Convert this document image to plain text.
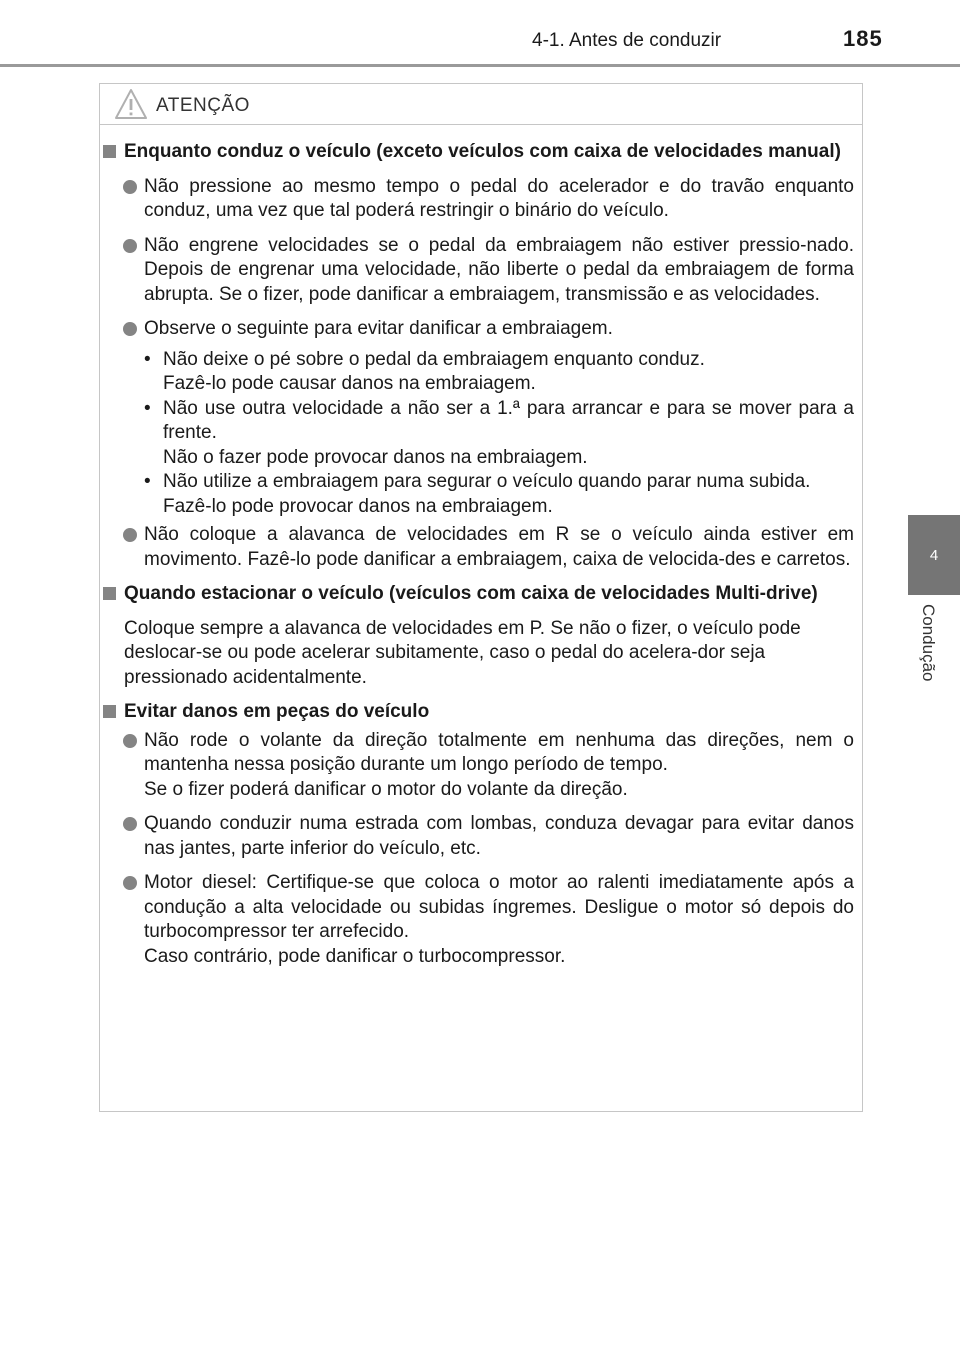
4-1. Antes de conduzir	185
4
Condução
ATENÇÃO
Enquanto conduz o veículo (exceto veículos com caixa de velocidades manual)
Não pressione ao mesmo tempo o pedal do acelerador e do travão enquanto conduz, uma vez que tal poderá restringir o binário do veículo.
Não engrene velocidades se o pedal da embraiagem não estiver pressio-nado. Depois de engrenar uma velocidade, não liberte o pedal da embraiagem de forma abrupta. Se o fizer, pode danificar a embraiagem, transmissão e as velocidades.
Observe o seguinte para evitar danificar a embraiagem.
• Não deixe o pé sobre o pedal da embraiagem enquanto conduz.
Fazê-lo pode causar danos na embraiagem.
• Não use outra velocidade a não ser a 1.ª para arrancar e para se mover para a frente.
Não o fazer pode provocar danos na embraiagem.
• Não utilize a embraiagem para segurar o veículo quando parar numa subida.
Fazê-lo pode provocar danos na embraiagem.
Não coloque a alavanca de velocidades em R se o veículo ainda estiver em movimento. Fazê-lo pode danificar a embraiagem, caixa de velocida-des e carretos.
Quando estacionar o veículo (veículos com caixa de velocidades Multi-drive)
Coloque sempre a alavanca de velocidades em P. Se não o fizer, o veículo pode deslocar-se ou pode acelerar subitamente, caso o pedal do acelera-dor seja pressionado acidentalmente.
Evitar danos em peças do veículo
Não rode o volante da direção totalmente em nenhuma das direções, nem o mantenha nessa posição durante um longo período de tempo.
Se o fizer poderá danificar o motor do volante da direção.
Quando conduzir numa estrada com lombas, conduza devagar para evitar danos nas jantes, parte inferior do veículo, etc.
Motor diesel: Certifique-se que coloca o motor ao ralenti imediatamente após a condução a alta velocidade ou subidas íngremes. Desligue o motor só depois do turbocompressor ter arrefecido.
Caso contrário, pode danificar o turbocompressor.
